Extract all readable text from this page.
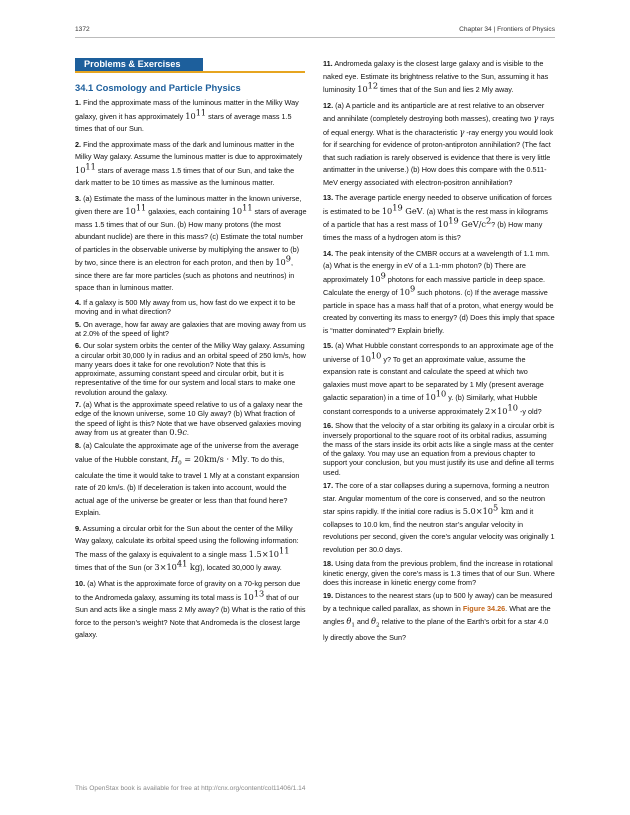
1372	Chapter 34 | Frontiers of Physics
Problems & Exercises
34.1 Cosmology and Particle Physics

1. Find the approximate mass of the luminous matter in the Milky Way galaxy, given it has approximately $10^{11}$ stars of average mass 1.5 times that of our Sun.

2. Find the approximate mass of the dark and luminous matter in the Milky Way galaxy. Assume the luminous matter is due to approximately $10^{11}$ stars of average mass 1.5 times that of our Sun, and take the dark matter to be 10 times as massive as the luminous matter.

3. (a) Estimate the mass of the luminous matter in the known universe, given there are $10^{11}$ galaxies, each containing $10^{11}$ stars of average mass 1.5 times that of our Sun. (b) How many protons (the most abundant nuclide) are there in this mass? (c) Estimate the total number of particles in the observable universe by multiplying the answer to (b) by two, since there is an electron for each proton, and then by $10^9$, since there are far more particles (such as photons and neutrinos) in space than in luminous matter.

4. If a galaxy is 500 Mly away from us, how fast do we expect it to be moving and in what direction?

5. On average, how far away are galaxies that are moving away from us at 2.0% of the speed of light?

6. Our solar system orbits the center of the Milky Way galaxy. Assuming a circular orbit 30,000 ly in radius and an orbital speed of 250 km/s, how many years does it take for one revolution? Note that this is approximate, assuming constant speed and circular orbit, but it is representative of the time for our system and local stars to make one revolution around the galaxy.

7. (a) What is the approximate speed relative to us of a galaxy near the edge of the known universe, some 10 Gly away? (b) What fraction of the speed of light is this? Note that we have observed galaxies moving away from us at greater than 0.9c.

8. (a) Calculate the approximate age of the universe from the average value of the Hubble constant, $H_0 = 20km/s$ · Mly. To do this, calculate the time it would take to travel 1 Mly at a constant expansion rate of 20 km/s. (b) If deceleration is taken into account, would the actual age of the universe be greater or less than that found here? Explain.

9. Assuming a circular orbit for the Sun about the center of the Milky Way galaxy, calculate its orbital speed using the following information: The mass of the galaxy is equivalent to a single mass $1.5\times 10^{11}$ times that of the Sun (or $3\times 10^{41}$ kg), located 30,000 ly away.

10. (a) What is the approximate force of gravity on a 70-kg person due to the Andromeda galaxy, assuming its total mass is $10^{13}$ that of our Sun and acts like a single mass 2 Mly away? (b) What is the ratio of this force to the person’s weight? Note that Andromeda is the closest large galaxy.

11. Andromeda galaxy is the closest large galaxy and is visible to the naked eye. Estimate its brightness relative to the Sun, assuming it has luminosity $10^{12}$ times that of the Sun and lies 2 Mly away.

12. (a) A particle and its antiparticle are at rest relative to an observer and annihilate (completely destroying both masses), creating two γ rays of equal energy. What is the characteristic γ -ray energy you would look for if searching for evidence of proton-antiproton annihilation? (The fact that such radiation is rarely observed is evidence that there is very little antimatter in the universe.) (b) How does this compare with the 0.511-MeV energy associated with electron-positron annihilation?

13. The average particle energy needed to observe unification of forces is estimated to be $10^{19}$ GeV. (a) What is the rest mass in kilograms of a particle that has a rest mass of $10^{19}$ GeV/$c^2$? (b) How many times the mass of a hydrogen atom is this?

14. The peak intensity of the CMBR occurs at a wavelength of 1.1 mm. (a) What is the energy in eV of a 1.1-mm photon? (b) There are approximately $10^9$ photons for each massive particle in deep space. Calculate the energy of $10^9$ such photons. (c) If the average massive particle in space has a mass half that of a proton, what energy would be created by converting its mass to energy? (d) Does this imply that space is “matter dominated”? Explain briefly.

15. (a) What Hubble constant corresponds to an approximate age of the universe of $10^{10}$ y? To get an approximate value, assume the expansion rate is constant and calculate the speed at which two galaxies must move apart to be separated by 1 Mly (present average galactic separation) in a time of $10^{10}$ y. (b) Similarly, what Hubble constant corresponds to a universe approximately $2\times 10^{10}$ -y old?

16. Show that the velocity of a star orbiting its galaxy in a circular orbit is inversely proportional to the square root of its orbital radius, assuming the mass of the stars inside its orbit acts like a single mass at the center of the galaxy. You may use an equation from a previous chapter to support your conclusion, but you must justify its use and define all terms used.

17. The core of a star collapses during a supernova, forming a neutron star. Angular momentum of the core is conserved, and so the neutron star spins rapidly. If the initial core radius is $5.0\times 10^5$ km and it collapses to 10.0 km, find the neutron star’s angular velocity in revolutions per second, given the core’s angular velocity was originally 1 revolution per 30.0 days.

18. Using data from the previous problem, find the increase in rotational kinetic energy, given the core’s mass is 1.3 times that of our Sun. Where does this increase in kinetic energy come from?

19. Distances to the nearest stars (up to 500 ly away) can be measured by a technique called parallax, as shown in Figure 34.26. What are the angles $\theta_1$ and $\theta_2$ relative to the plane of the Earth’s orbit for a star 4.0 ly directly above the Sun?

This OpenStax book is available for free at http://cnx.org/content/col11406/1.14
